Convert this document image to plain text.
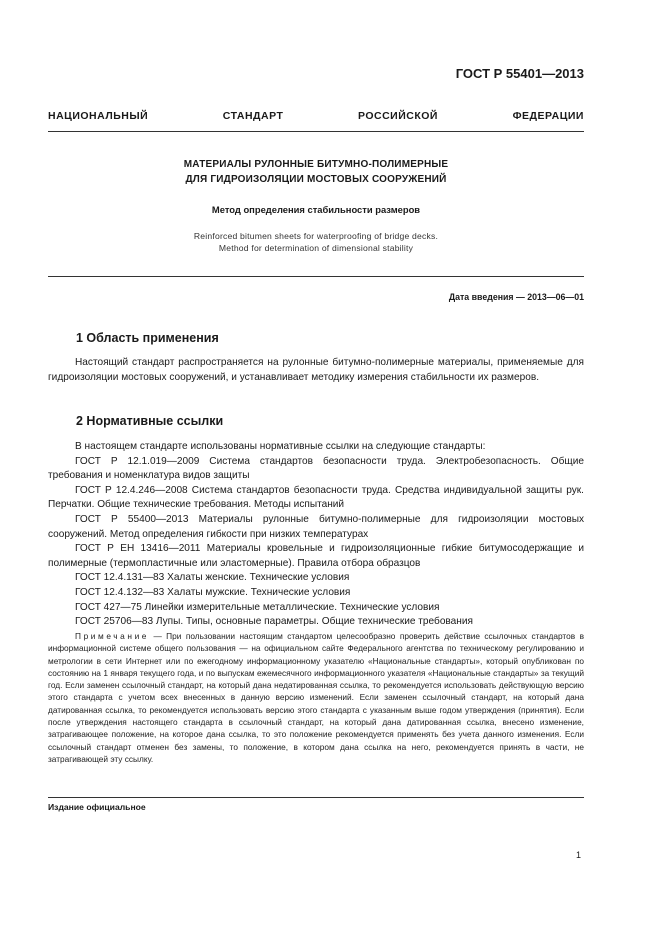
ГОСТ Р 55401—2013
НАЦИОНАЛЬНЫЙ	СТАНДАРТ	РОССИЙСКОЙ	ФЕДЕРАЦИИ
МАТЕРИАЛЫ РУЛОННЫЕ БИТУМНО-ПОЛИМЕРНЫЕ
ДЛЯ ГИДРОИЗОЛЯЦИИ МОСТОВЫХ СООРУЖЕНИЙ
Метод определения стабильности размеров
Reinforced bitumen sheets for waterproofing of bridge decks.
Method for determination of dimensional stability
Дата введения — 2013—06—01
1 Область применения

Настоящий стандарт распространяется на рулонные битумно-полимерные материалы, применяемые для гидроизоляции мостовых сооружений, и устанавливает методику измерения стабильности их размеров.

2 Нормативные ссылки

В настоящем стандарте использованы нормативные ссылки на следующие стандарты:

ГОСТ Р 12.1.019—2009 Система стандартов безопасности труда. Электробезопасность. Общие требования и номенклатура видов защиты

ГОСТ Р 12.4.246—2008 Система стандартов безопасности труда. Средства индивидуальной защиты рук. Перчатки. Общие технические требования. Методы испытаний

ГОСТ Р 55400—2013 Материалы рулонные битумно-полимерные для гидроизоляции мостовых сооружений. Метод определения гибкости при низких температурах

ГОСТ Р ЕН 13416—2011 Материалы кровельные и гидроизоляционные гибкие битумосодержащие и полимерные (термопластичные или эластомерные). Правила отбора образцов

ГОСТ 12.4.131—83 Халаты женские. Технические условия

ГОСТ 12.4.132—83 Халаты мужские. Технические условия

ГОСТ 427—75 Линейки измерительные металлические. Технические условия

ГОСТ 25706—83 Лупы. Типы, основные параметры. Общие технические требования

Примечание — При пользовании настоящим стандартом целесообразно проверить действие ссылочных стандартов в информационной системе общего пользования — на официальном сайте Федерального агентства по техническому регулированию и метрологии в сети Интернет или по ежегодному информационному указателю «Национальные стандарты», который опубликован по состоянию на 1 января текущего года, и по выпускам ежемесячного информационного указателя «Национальные стандарты» за текущий год. Если заменен ссылочный стандарт, на который дана недатированная ссылка, то рекомендуется использовать действующую версию этого стандарта с учетом всех внесенных в данную версию изменений. Если заменен ссылочный стандарт, на который дана датированная ссылка, то рекомендуется использовать версию этого стандарта с указанным выше годом утверждения (принятия). Если после утверждения настоящего стандарта в ссылочный стандарт, на который дана датированная ссылка, внесено изменение, затрагивающее положение, на которое дана ссылка, то это положение рекомендуется применять без учета данного изменения. Если ссылочный стандарт отменен без замены, то положение, в котором дана ссылка на него, рекомендуется принять в части, не затрагивающей эту ссылку.

Издание официальное
1
